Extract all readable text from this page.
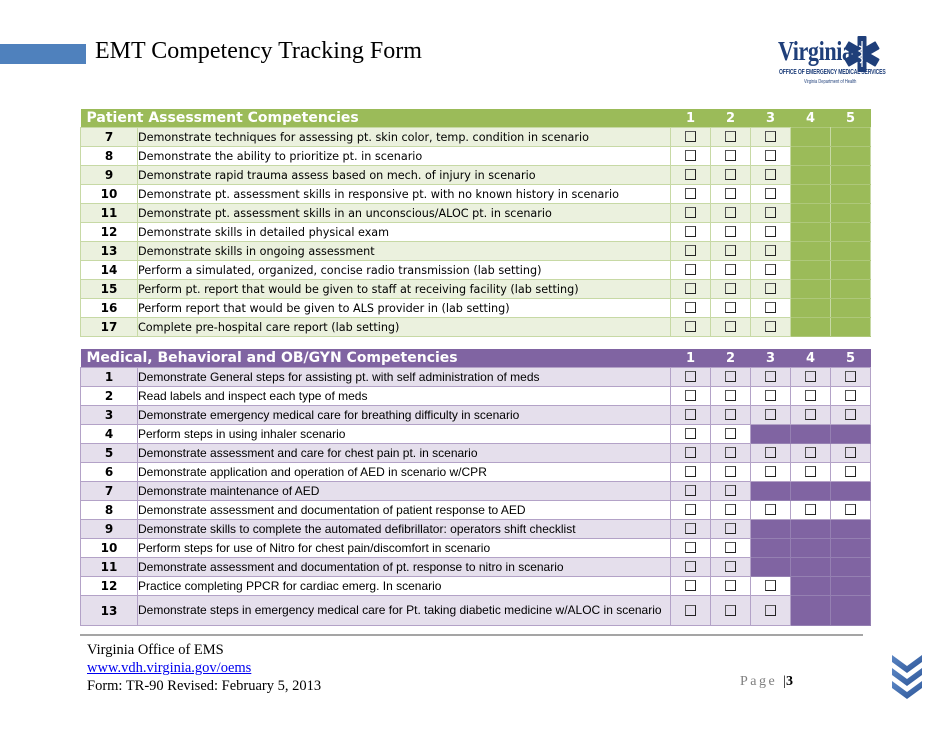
EMT Competency Tracking Form	Virginia
OFFICE OF EMERGENCY MEDICAL SERVICES
Virginia Department of Health
Patient Assessment Competencies		1	2	3	4	5
7	Demonstrate techniques for assessing pt. skin color, temp. condition in scenario					
8	Demonstrate the ability to prioritize pt. in scenario					
9	Demonstrate rapid trauma assess based on mech. of injury in scenario					
10	Demonstrate pt. assessment skills in responsive pt. with no known history in scenario					
11	Demonstrate pt. assessment skills in an unconscious/ALOC pt. in scenario					
12	Demonstrate skills in detailed physical exam					
13	Demonstrate skills in ongoing assessment					
14	Perform a simulated, organized, concise radio transmission (lab setting)					
15	Perform pt. report that would be given to staff at receiving facility (lab setting)					
16	Perform report that would be given to ALS provider in (lab setting)					
17	Complete pre-hospital care report (lab setting)					
Medical, Behavioral and OB/GYN Competencies		1	2	3	4	5
1	Demonstrate General steps for assisting pt. with self administration of meds					
2	Read labels and inspect each type of meds					
3	Demonstrate emergency medical care for breathing difficulty in scenario					
4	Perform steps in using inhaler scenario					
5	Demonstrate assessment and care for chest pain pt. in scenario					
6	Demonstrate application and operation of AED in scenario w/CPR					
7	Demonstrate maintenance of AED					
8	Demonstrate assessment and documentation of patient response to AED					
9	Demonstrate skills to complete the automated defibrillator: operators shift checklist					
10	Perform steps for use of Nitro for chest pain/discomfort in scenario					
11	Demonstrate assessment and documentation of pt. response to nitro in scenario					
12	Practice completing PPCR for cardiac emerg. In scenario					
13	Demonstrate steps in emergency medical care for Pt. taking diabetic medicine w/ALOC in scenario					
Virginia Office of EMS
www.vdh.virginia.gov/oems
Form: TR-90 Revised: February 5, 2013	Page |3
